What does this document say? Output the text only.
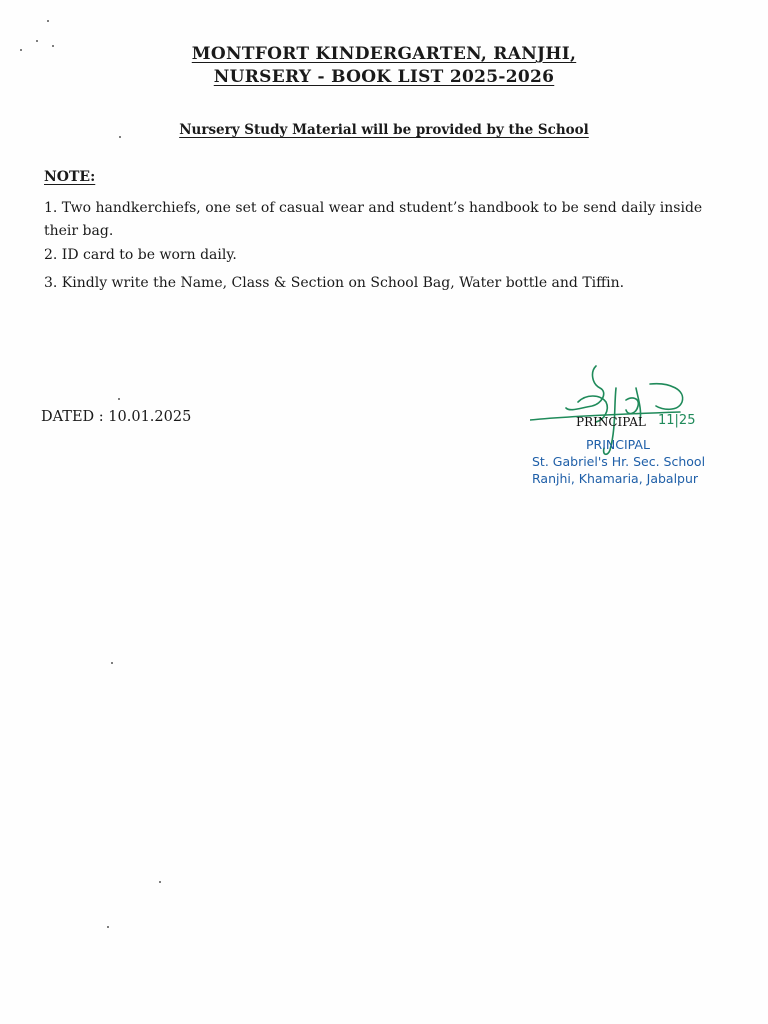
MONTFORT KINDERGARTEN, RANJHI,
NURSERY - BOOK LIST 2025-2026
Nursery Study Material will be provided by the School
NOTE:
1. Two handkerchiefs, one set of casual wear and student’s handbook to be send daily inside their bag.
2. ID card to be worn daily.
3. Kindly write the Name, Class & Section on School Bag, Water bottle and Tiffin.
DATED : 10.01.2025	11|25
PRINCIPAL
PRINCIPAL
St. Gabriel's Hr. Sec. School
Ranjhi, Khamaria, Jabalpur
